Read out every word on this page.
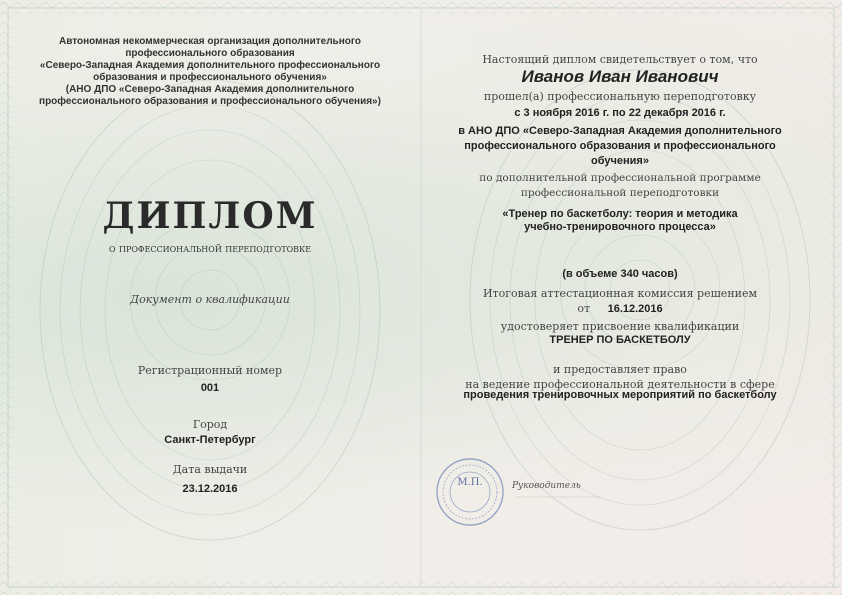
Автономная некоммерческая организация дополнительного
профессионального образования
«Северо-Западная Академия дополнительного профессионального
образования и профессионального обучения»
(АНО ДПО «Северо-Западная Академия дополнительного
профессионального образования и профессионального обучения»)
ДИПЛОМ
о профессиональной переподготовке
Документ о квалификации
Регистрационный номер
001
Город
Санкт-Петербург
Дата выдачи
23.12.2016
Настоящий диплом свидетельствует о том, что
Иванов Иван Иванович
прошел(а) профессиональную переподготовку
с 3 ноября 2016 г. по 22 декабря 2016 г.
в АНО ДПО «Северо-Западная Академия дополнительного
профессионального образования и профессионального
обучения»
по дополнительной профессиональной программе
профессиональной переподготовки
«Тренер по баскетболу: теория и методика
учебно-тренировочного процесса»
(в объеме 340 часов)
Итоговая аттестационная комиссия решением
от 16.12.2016
удостоверяет присвоение квалификации
ТРЕНЕР ПО БАСКЕТБОЛУ
и предоставляет право
на ведение профессиональной деятельности в сфере
проведения тренировочных мероприятий по баскетболу
М.П.	Руководитель
